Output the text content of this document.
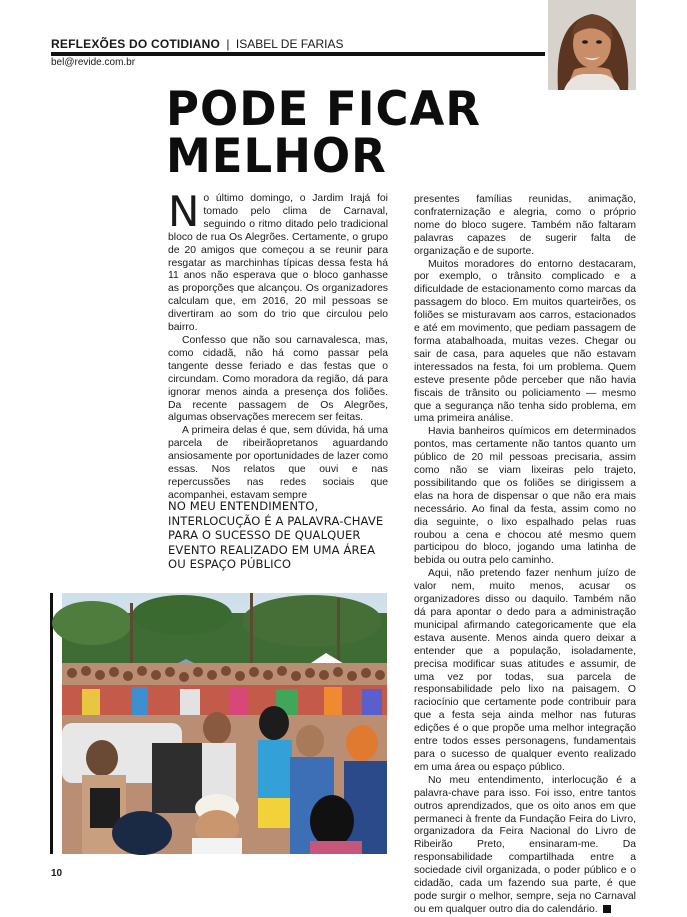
REFLEXÕES DO COTIDIANO | ISABEL DE FARIAS
bel@revide.com.br
PODE FICAR
MELHOR

No último domingo, o Jardim Irajá foi tomado pelo clima de Carnaval, seguindo o ritmo ditado pelo tradicional bloco de rua Os Alegrões. Certamente, o grupo de 20 amigos que começou a se reunir para resgatar as marchinhas típicas dessa festa há 11 anos não esperava que o bloco ganhasse as proporções que alcançou. Os organizadores calculam que, em 2016, 20 mil pessoas se divertiram ao som do trio que circulou pelo bairro.

Confesso que não sou carnavalesca, mas, como cidadã, não há como passar pela tangente desse feriado e das festas que o circundam. Como moradora da região, dá para ignorar menos ainda a presença dos foliões. Da recente passagem de Os Alegrões, algumas observações merecem ser feitas.

A primeira delas é que, sem dúvida, há uma parcela de ribeirãopretanos aguardando ansiosamente por oportunidades de lazer como essas. Nos relatos que ouvi e nas repercussões nas redes sociais que acompanhei, estavam sempre

NO MEU ENTENDIMENTO, INTERLOCUÇÃO É A PALAVRA-CHAVE PARA O SUCESSO DE QUALQUER EVENTO REALIZADO EM UMA ÁREA OU ESPAÇO PÚBLICO

presentes famílias reunidas, animação, confraternização e alegria, como o próprio nome do bloco sugere. Também não faltaram palavras capazes de sugerir falta de organização e de suporte.

Muitos moradores do entorno destacaram, por exemplo, o trânsito complicado e a dificuldade de estacionamento como marcas da passagem do bloco. Em muitos quarteirões, os foliões se misturavam aos carros, estacionados e até em movimento, que pediam passagem de forma atabalhoada, muitas vezes. Chegar ou sair de casa, para aqueles que não estavam interessados na festa, foi um problema. Quem esteve presente pôde perceber que não havia fiscais de trânsito ou policiamento — mesmo que a segurança não tenha sido problema, em uma primeira análise.

Havia banheiros químicos em determinados pontos, mas certamente não tantos quanto um público de 20 mil pessoas precisaria, assim como não se viam lixeiras pelo trajeto, possibilitando que os foliões se dirigissem a elas na hora de dispensar o que não era mais necessário. Ao final da festa, assim como no dia seguinte, o lixo espalhado pelas ruas roubou a cena e chocou até mesmo quem participou do bloco, jogando uma latinha de bebida ou outra pelo caminho.

Aqui, não pretendo fazer nenhum juízo de valor nem, muito menos, acusar os organizadores disso ou daquilo. Também não dá para apontar o dedo para a administração municipal afirmando categoricamente que ela estava ausente. Menos ainda quero deixar a entender que a população, isoladamente, precisa modificar suas atitudes e assumir, de uma vez por todas, sua parcela de responsabilidade pelo lixo na paisagem. O raciocínio que certamente pode contribuir para que a festa seja ainda melhor nas futuras edições é o que propõe uma melhor integração entre todos esses personagens, fundamentais para o sucesso de qualquer evento realizado em uma área ou espaço público.

No meu entendimento, interlocução é a palavra-chave para isso. Foi isso, entre tantos outros aprendizados, que os oito anos em que permaneci à frente da Fundação Feira do Livro, organizadora da Feira Nacional do Livro de Ribeirão Preto, ensinaram-me. Da responsabilidade compartilhada entre a sociedade civil organizada, o poder público e o cidadão, cada um fazendo sua parte, é que pode surgir o melhor, sempre, seja no Carnaval ou em qualquer outro dia do calendário.

10
